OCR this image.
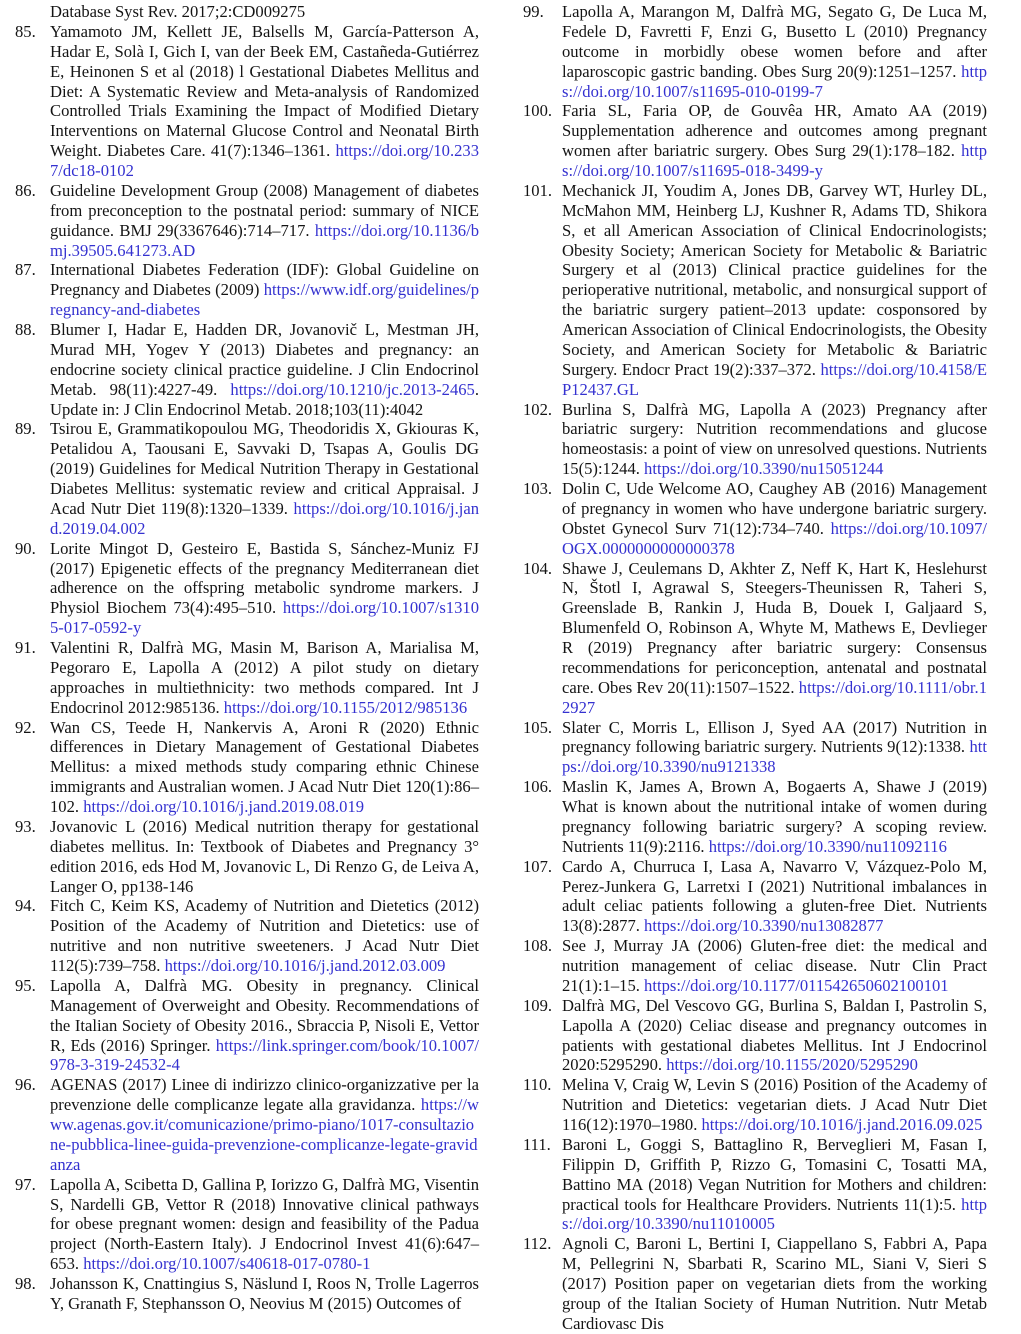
Database Syst Rev. 2017;2:CD009275
85. Yamamoto JM, Kellett JE, Balsells M, García-Patterson A, Hadar E, Solà I, Gich I, van der Beek EM, Castañeda-Gutiérrez E, Heinonen S et al (2018) l Gestational Diabetes Mellitus and Diet: A Systematic Review and Meta-analysis of Randomized Controlled Trials Examining the Impact of Modified Dietary Interventions on Maternal Glucose Control and Neonatal Birth Weight. Diabetes Care. 41(7):1346–1361. https://doi.org/10.2337/dc18-0102
86. Guideline Development Group (2008) Management of diabetes from preconception to the postnatal period: summary of NICE guidance. BMJ 29(3367646):714–717. https://doi.org/10.1136/bmj.39505.641273.AD
87. International Diabetes Federation (IDF): Global Guideline on Pregnancy and Diabetes (2009) https://www.idf.org/guidelines/pregnancy-and-diabetes
88. Blumer I, Hadar E, Hadden DR, Jovanovič L, Mestman JH, Murad MH, Yogev Y (2013) Diabetes and pregnancy: an endocrine society clinical practice guideline. J Clin Endocrinol Metab. 98(11):4227-49. https://doi.org/10.1210/jc.2013-2465. Update in: J Clin Endocrinol Metab. 2018;103(11):4042
89. Tsirou E, Grammatikopoulou MG, Theodoridis X, Gkiouras K, Petalidou A, Taousani E, Savvaki D, Tsapas A, Goulis DG (2019) Guidelines for Medical Nutrition Therapy in Gestational Diabetes Mellitus: systematic review and critical Appraisal. J Acad Nutr Diet 119(8):1320–1339. https://doi.org/10.1016/j.jand.2019.04.002
90. Lorite Mingot D, Gesteiro E, Bastida S, Sánchez-Muniz FJ (2017) Epigenetic effects of the pregnancy Mediterranean diet adherence on the offspring metabolic syndrome markers. J Physiol Biochem 73(4):495–510. https://doi.org/10.1007/s13105-017-0592-y
91. Valentini R, Dalfrà MG, Masin M, Barison A, Marialisa M, Pegoraro E, Lapolla A (2012) A pilot study on dietary approaches in multiethnicity: two methods compared. Int J Endocrinol 2012:985136. https://doi.org/10.1155/2012/985136
92. Wan CS, Teede H, Nankervis A, Aroni R (2020) Ethnic differences in Dietary Management of Gestational Diabetes Mellitus: a mixed methods study comparing ethnic Chinese immigrants and Australian women. J Acad Nutr Diet 120(1):86–102. https://doi.org/10.1016/j.jand.2019.08.019
93. Jovanovic L (2016) Medical nutrition therapy for gestational diabetes mellitus. In: Textbook of Diabetes and Pregnancy 3° edition 2016, eds Hod M, Jovanovic L, Di Renzo G, de Leiva A, Langer O, pp138-146
94. Fitch C, Keim KS, Academy of Nutrition and Dietetics (2012) Position of the Academy of Nutrition and Dietetics: use of nutritive and non nutritive sweeteners. J Acad Nutr Diet 112(5):739–758. https://doi.org/10.1016/j.jand.2012.03.009
95. Lapolla A, Dalfrà MG. Obesity in pregnancy. Clinical Management of Overweight and Obesity. Recommendations of the Italian Society of Obesity 2016., Sbraccia P, Nisoli E, Vettor R, Eds (2016) Springer. https://link.springer.com/book/10.1007/978-3-319-24532-4
96. AGENAS (2017) Linee di indirizzo clinico-organizzative per la prevenzione delle complicanze legate alla gravidanza. https://www.agenas.gov.it/comunicazione/primo-piano/1017-consultazione-pubblica-linee-guida-prevenzione-complicanze-legate-gravidanza
97. Lapolla A, Scibetta D, Gallina P, Iorizzo G, Dalfrà MG, Visentin S, Nardelli GB, Vettor R (2018) Innovative clinical pathways for obese pregnant women: design and feasibility of the Padua project (North-Eastern Italy). J Endocrinol Invest 41(6):647–653. https://doi.org/10.1007/s40618-017-0780-1
98. Johansson K, Cnattingius S, Näslund I, Roos N, Trolle Lagerros Y, Granath F, Stephansson O, Neovius M (2015) Outcomes of
99. Lapolla A, Marangon M, Dalfrà MG, Segato G, De Luca M, Fedele D, Favretti F, Enzi G, Busetto L (2010) Pregnancy outcome in morbidly obese women before and after laparoscopic gastric banding. Obes Surg 20(9):1251–1257. https://doi.org/10.1007/s11695-010-0199-7
100. Faria SL, Faria OP, de Gouvêa HR, Amato AA (2019) Supplementation adherence and outcomes among pregnant women after bariatric surgery. Obes Surg 29(1):178–182. https://doi.org/10.1007/s11695-018-3499-y
101. Mechanick JI, Youdim A, Jones DB, Garvey WT, Hurley DL, McMahon MM, Heinberg LJ, Kushner R, Adams TD, Shikora S, et all American Association of Clinical Endocrinologists; Obesity Society; American Society for Metabolic & Bariatric Surgery et al (2013) Clinical practice guidelines for the perioperative nutritional, metabolic, and nonsurgical support of the bariatric surgery patient–2013 update: cosponsored by American Association of Clinical Endocrinologists, the Obesity Society, and American Society for Metabolic & Bariatric Surgery. Endocr Pract 19(2):337–372. https://doi.org/10.4158/EP12437.GL
102. Burlina S, Dalfrà MG, Lapolla A (2023) Pregnancy after bariatric surgery: Nutrition recommendations and glucose homeostasis: a point of view on unresolved questions. Nutrients 15(5):1244. https://doi.org/10.3390/nu15051244
103. Dolin C, Ude Welcome AO, Caughey AB (2016) Management of pregnancy in women who have undergone bariatric surgery. Obstet Gynecol Surv 71(12):734–740. https://doi.org/10.1097/OGX.0000000000000378
104. Shawe J, Ceulemans D, Akhter Z, Neff K, Hart K, Heslehurst N, Štotl I, Agrawal S, Steegers-Theunissen R, Taheri S, Greenslade B, Rankin J, Huda B, Douek I, Galjaard S, Blumenfeld O, Robinson A, Whyte M, Mathews E, Devlieger R (2019) Pregnancy after bariatric surgery: Consensus recommendations for periconception, antenatal and postnatal care. Obes Rev 20(11):1507–1522. https://doi.org/10.1111/obr.12927
105. Slater C, Morris L, Ellison J, Syed AA (2017) Nutrition in pregnancy following bariatric surgery. Nutrients 9(12):1338. https://doi.org/10.3390/nu9121338
106. Maslin K, James A, Brown A, Bogaerts A, Shawe J (2019) What is known about the nutritional intake of women during pregnancy following bariatric surgery? A scoping review. Nutrients 11(9):2116. https://doi.org/10.3390/nu11092116
107. Cardo A, Churruca I, Lasa A, Navarro V, Vázquez-Polo M, Perez-Junkera G, Larretxi I (2021) Nutritional imbalances in adult celiac patients following a gluten-free Diet. Nutrients 13(8):2877. https://doi.org/10.3390/nu13082877
108. See J, Murray JA (2006) Gluten-free diet: the medical and nutrition management of celiac disease. Nutr Clin Pract 21(1):1–15. https://doi.org/10.1177/011542650602100101
109. Dalfrà MG, Del Vescovo GG, Burlina S, Baldan I, Pastrolin S, Lapolla A (2020) Celiac disease and pregnancy outcomes in patients with gestational diabetes Mellitus. Int J Endocrinol 2020:5295290. https://doi.org/10.1155/2020/5295290
110. Melina V, Craig W, Levin S (2016) Position of the Academy of Nutrition and Dietetics: vegetarian diets. J Acad Nutr Diet 116(12):1970–1980. https://doi.org/10.1016/j.jand.2016.09.025
111. Baroni L, Goggi S, Battaglino R, Berveglieri M, Fasan I, Filippin D, Griffith P, Rizzo G, Tomasini C, Tosatti MA, Battino MA (2018) Vegan Nutrition for Mothers and children: practical tools for Healthcare Providers. Nutrients 11(1):5. https://doi.org/10.3390/nu11010005
112. Agnoli C, Baroni L, Bertini I, Ciappellano S, Fabbri A, Papa M, Pellegrini N, Sbarbati R, Scarino ML, Siani V, Sieri S (2017) Position paper on vegetarian diets from the working group of the Italian Society of Human Nutrition. Nutr Metab Cardiovasc Dis
